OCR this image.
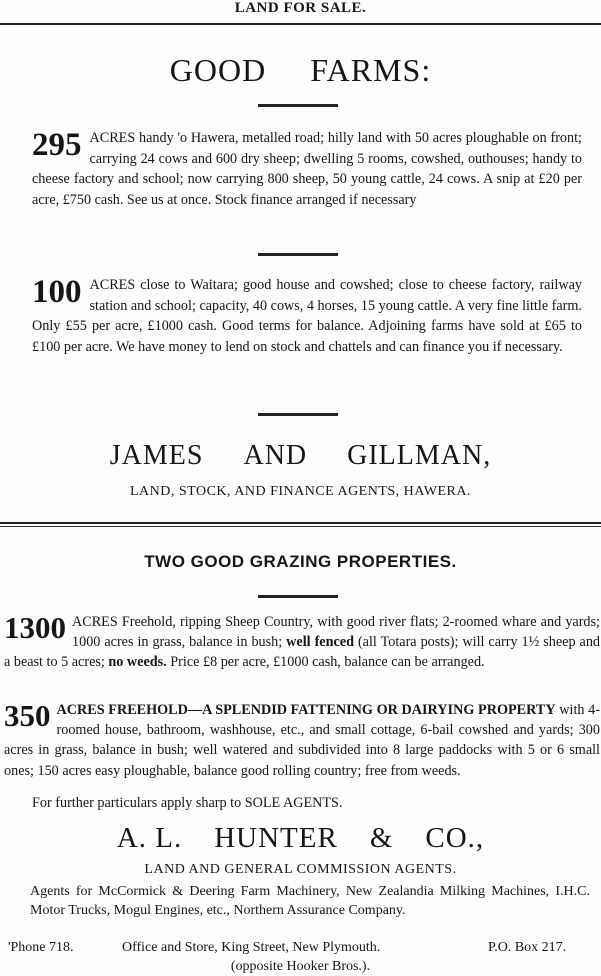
LAND FOR SALE.
GOOD FARMS:
295 ACRES handy 'o Hawera, metalled road; hilly land with 50 acres ploughable on front; carrying 24 cows and 600 dry sheep; dwelling 5 rooms, cowshed, outhouses; handy to cheese factory and school; now carrying 800 sheep, 50 young cattle, 24 cows. A snip at £20 per acre, £750 cash. See us at once. Stock finance arranged if necessary
100 ACRES close to Waitara; good house and cowshed; close to cheese factory, railway station and school; capacity, 40 cows, 4 horses, 15 young cattle. A very fine little farm. Only £55 per acre, £1000 cash. Good terms for balance. Adjoining farms have sold at £65 to £100 per acre. We have money to lend on stock and chattels and can finance you if necessary.
JAMES AND GILLMAN,
LAND, STOCK, AND FINANCE AGENTS, HAWERA.
TWO GOOD GRAZING PROPERTIES.
1300 ACRES Freehold, ripping Sheep Country, with good river flats; 2-roomed whare and yards; 1000 acres in grass, balance in bush; well fenced (all Totara posts); will carry 1½ sheep and a beast to 5 acres; no weeds. Price £8 per acre, £1000 cash, balance can be arranged.
350 ACRES FREEHOLD—A SPLENDID FATTENING OR DAIRYING PROPERTY with 4-roomed house, bathroom, washhouse, etc., and small cottage, 6-bail cowshed and yards; 300 acres in grass, balance in bush; well watered and subdivided into 8 large paddocks with 5 or 6 small ones; 150 acres easy ploughable, balance good rolling country; free from weeds.
For further particulars apply sharp to SOLE AGENTS.
A. L. HUNTER & CO.,
LAND AND GENERAL COMMISSION AGENTS.
Agents for McCormick & Deering Farm Machinery, New Zealandia Milking Machines, I.H.C. Motor Trucks, Mogul Engines, etc., Northern Assurance Company.
'Phone 718.	Office and Store, King Street, New Plymouth.	P.O. Box 217.
(opposite Hooker Bros.).
